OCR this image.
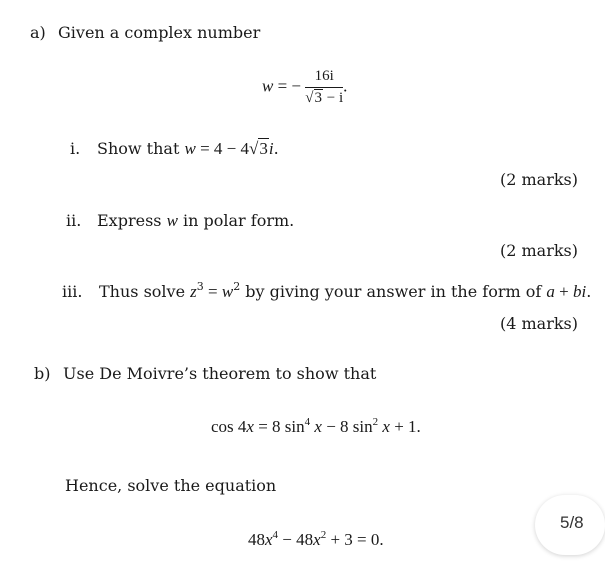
a) Given a complex number
w = − $\frac{16i}{√3 - i}$ .
i. Show that w = 4 − 4√3i.
(2 marks)
ii. Express w in polar form.
(2 marks)
iii. Thus solve $z^3 = w^2$ by giving your answer in the form of a + bi.
(4 marks)
b) Use De Moivre’s theorem to show that
cos 4x = 8 $\sin^4 x - 8$ $\sin^2 x + 1$.
Hence, solve the equation
$48x^4 - 48x^2 + 3 = 0$.
5/8
